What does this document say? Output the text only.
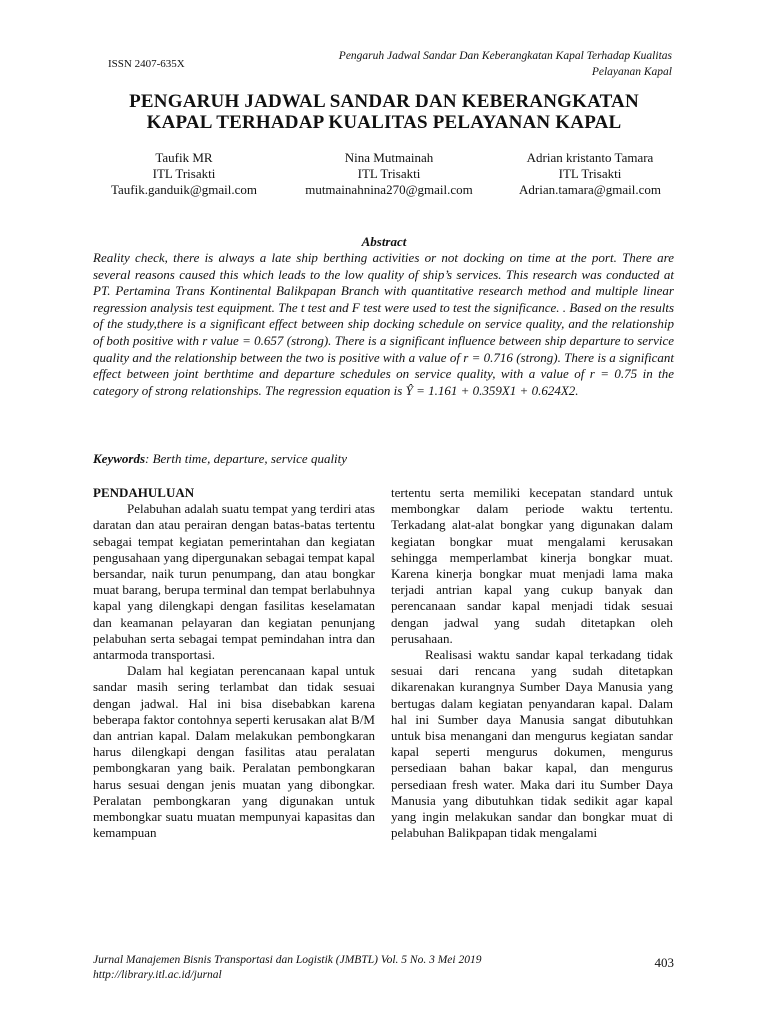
ISSN 2407-635X
Pengaruh Jadwal Sandar Dan Keberangkatan Kapal Terhadap Kualitas
Pelayanan Kapal
PENGARUH JADWAL SANDAR DAN KEBERANGKATAN
KAPAL TERHADAP KUALITAS PELAYANAN KAPAL
Taufik MR
ITL Trisakti
Taufik.ganduik@gmail.com
Nina Mutmainah
ITL Trisakti
mutmainahnina270@gmail.com
Adrian kristanto Tamara
ITL Trisakti
Adrian.tamara@gmail.com
Abstract
Reality check, there is always a late ship berthing activities or not docking on time at the port. There are several reasons caused this which leads to the low quality of ship’s services. This research was conducted at PT. Pertamina Trans Kontinental Balikpapan Branch with quantitative research method and multiple linear regression analysis test equipment. The t test and F test were used to test the significance. . Based on the results of the study,there is a significant effect between ship docking schedule on service quality, and the relationship of both positive with r value = 0.657 (strong). There is a significant influence between ship departure to service quality and the relationship between the two is positive with a value of r = 0.716 (strong). There is a significant effect between joint berthtime and departure schedules on service quality, with a value of r = 0.75 in the category of strong relationships. The regression equation is Ŷ = 1.161 + 0.359X1 + 0.624X2.
Keywords: Berth time, departure, service quality

PENDAHULUAN

Pelabuhan adalah suatu tempat yang terdiri atas daratan dan atau perairan dengan batas-batas tertentu sebagai tempat kegiatan pemerintahan dan kegiatan pengusahaan yang dipergunakan sebagai tempat kapal bersandar, naik turun penumpang, dan atau bongkar muat barang, berupa terminal dan tempat berlabuhnya kapal yang dilengkapi dengan fasilitas keselamatan dan keamanan pelayaran dan kegiatan penunjang pelabuhan serta sebagai tempat pemindahan intra dan antarmoda transportasi.

Dalam hal kegiatan perencanaan kapal untuk sandar masih sering terlambat dan tidak sesuai dengan jadwal. Hal ini bisa disebabkan karena beberapa faktor contohnya seperti kerusakan alat B/M dan antrian kapal. Dalam melakukan pembongkaran harus dilengkapi dengan fasilitas atau peralatan pembongkaran yang baik. Peralatan pembongkaran harus sesuai dengan jenis muatan yang dibongkar. Peralatan pembongkaran yang digunakan untuk membongkar suatu muatan mempunyai kapasitas dan kemampuan

tertentu serta memiliki kecepatan standard untuk membongkar dalam periode waktu tertentu. Terkadang alat-alat bongkar yang digunakan dalam kegiatan bongkar muat mengalami kerusakan sehingga memperlambat kinerja bongkar muat. Karena kinerja bongkar muat menjadi lama maka terjadi antrian kapal yang cukup banyak dan perencanaan sandar kapal menjadi tidak sesuai dengan jadwal yang sudah ditetapkan oleh perusahaan.

Realisasi waktu sandar kapal terkadang tidak sesuai dari rencana yang sudah ditetapkan dikarenakan kurangnya Sumber Daya Manusia yang bertugas dalam kegiatan penyandaran kapal. Dalam hal ini Sumber daya Manusia sangat dibutuhkan untuk bisa menangani dan mengurus kegiatan sandar kapal seperti mengurus dokumen, mengurus persediaan bahan bakar kapal, dan mengurus persediaan fresh water. Maka dari itu Sumber Daya Manusia yang dibutuhkan tidak sedikit agar kapal yang ingin melakukan sandar dan bongkar muat di pelabuhan Balikpapan tidak mengalami

Jurnal Manajemen Bisnis Transportasi dan Logistik (JMBTL) Vol. 5 No. 3 Mei 2019
http://library.itl.ac.id/jurnal
403
